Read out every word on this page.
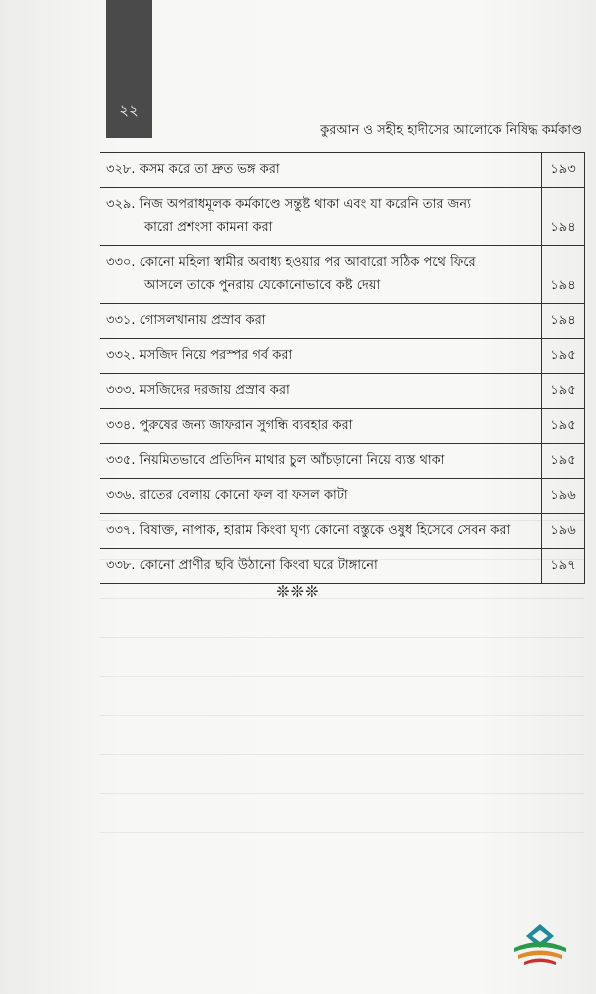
২২
কুরআন ও সহীহ হাদীসের আলোকে নিষিদ্ধ কর্মকাণ্ড
৩২৮. কসম করে তা দ্রুত ভঙ্গ করা	১৯৩
৩২৯. নিজ অপরাধমূলক কর্মকাণ্ডে সন্তুষ্ট থাকা এবং যা করেনি তার জন্য
কারো প্রশংসা কামনা করা	১৯৪
৩৩০. কোনো মহিলা স্বামীর অবাধ্য হওয়ার পর আবারো সঠিক পথে ফিরে
আসলে তাকে পুনরায় যেকোনোভাবে কষ্ট দেয়া	১৯৪
৩৩১. গোসলখানায় প্রস্রাব করা	১৯৪
৩৩২. মসজিদ নিয়ে পরস্পর গর্ব করা	১৯৫
৩৩৩. মসজিদের দরজায় প্রস্রাব করা	১৯৫
৩৩৪. পুরুষের জন্য জাফরান সুগন্ধি ব্যবহার করা	১৯৫
৩৩৫. নিয়মিতভাবে প্রতিদিন মাথার চুল আঁচড়ানো নিয়ে ব্যস্ত থাকা	১৯৫
৩৩৬. রাতের বেলায় কোনো ফল বা ফসল কাটা	১৯৬
৩৩৭. বিষাক্ত, নাপাক, হারাম কিংবা ঘৃণ্য কোনো বস্তুকে ওষুধ হিসেবে সেবন করা	১৯৬
৩৩৮. কোনো প্রাণীর ছবি উঠানো কিংবা ঘরে টাঙ্গানো	১৯৭
❊❊❊
